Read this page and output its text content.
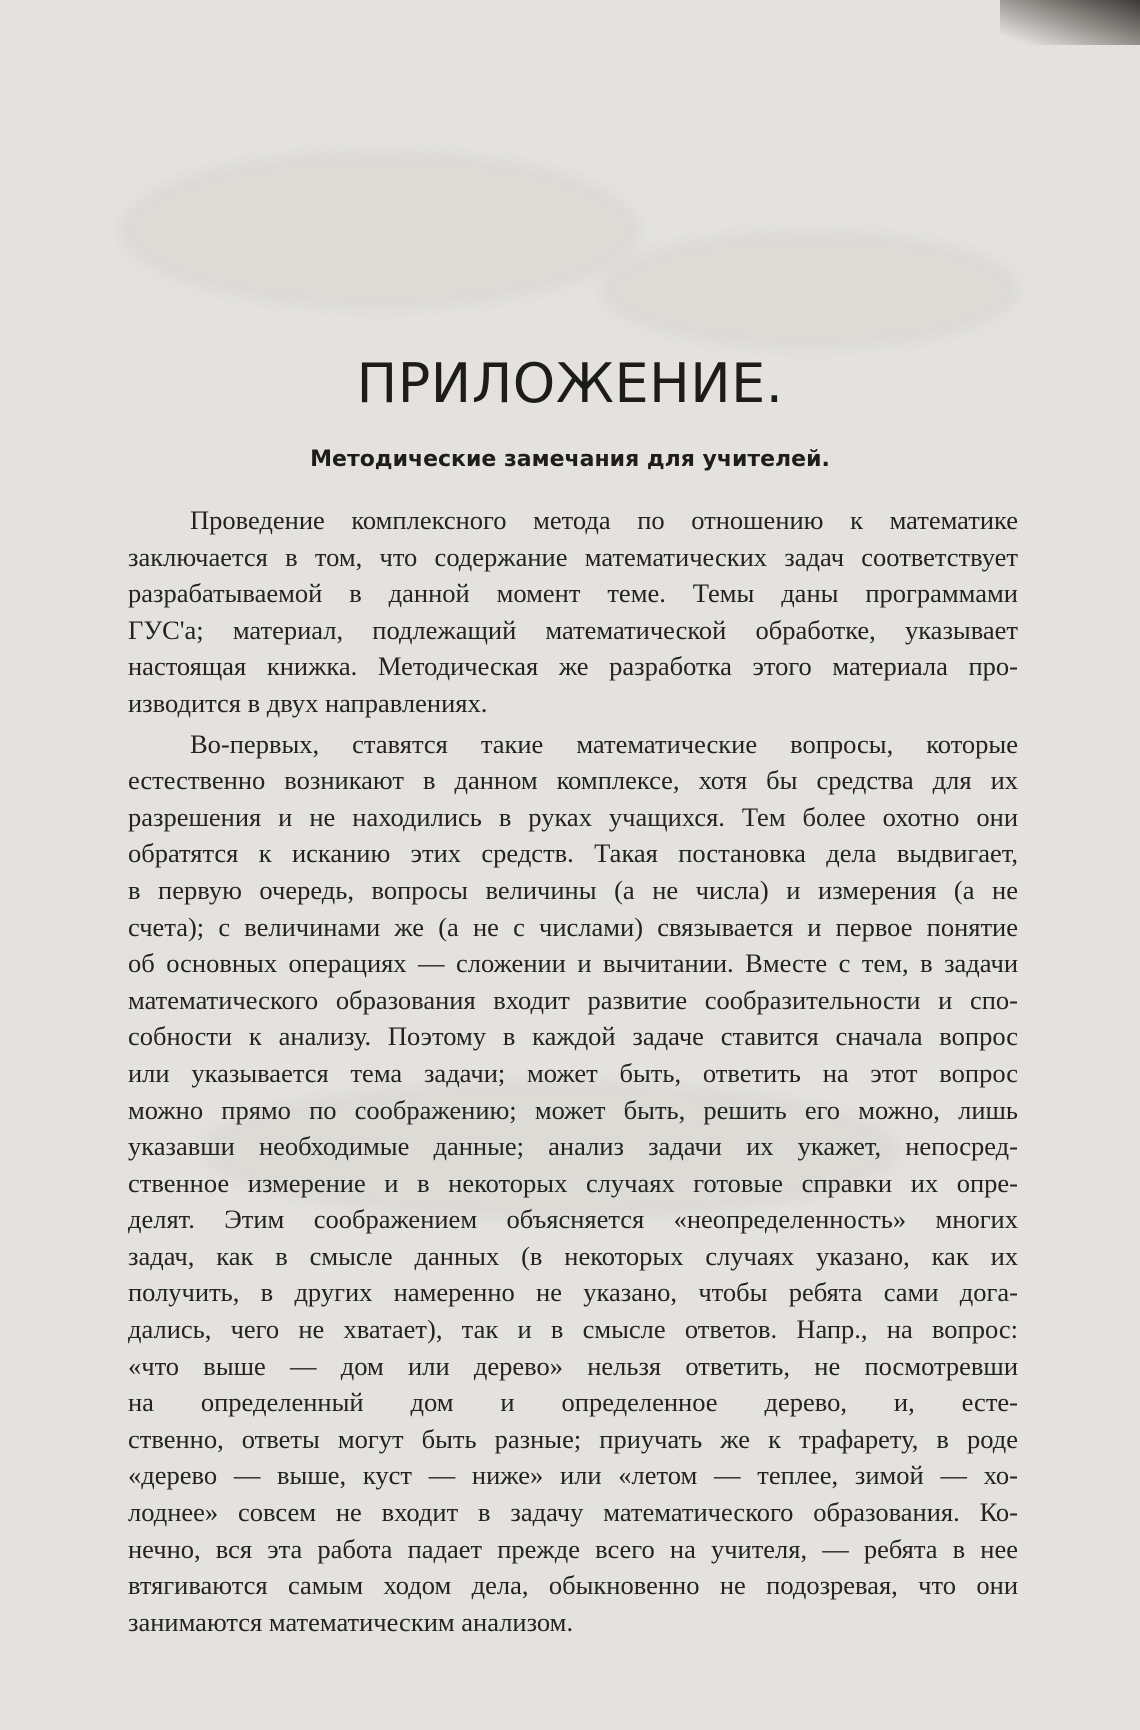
ПРИЛОЖЕНИЕ.
Методические замечания для учителей.
Проведение комплексного метода по отношению к математике
заключается в том, что содержание математических задач соответствует
разрабатываемой в данной момент теме. Темы даны программами
ГУС'а; материал, подлежащий математической обработке, указывает
настоящая книжка. Методическая же разработка этого материала про-
изводится в двух направлениях.
Во-первых, ставятся такие математические вопросы, которые
естественно возникают в данном комплексе, хотя бы средства для их
разрешения и не находились в руках учащихся. Тем более охотно они
обратятся к исканию этих средств. Такая постановка дела выдвигает,
в первую очередь, вопросы величины (а не числа) и измерения (а не
счета); с величинами же (а не с числами) связывается и первое понятие
об основных операциях — сложении и вычитании. Вместе с тем, в задачи
математического образования входит развитие сообразительности и спо-
собности к анализу. Поэтому в каждой задаче ставится сначала вопрос
или указывается тема задачи; может быть, ответить на этот вопрос
можно прямо по соображению; может быть, решить его можно, лишь
указавши необходимые данные; анализ задачи их укажет, непосред-
ственное измерение и в некоторых случаях готовые справки их опре-
делят. Этим соображением объясняется «неопределенность» многих
задач, как в смысле данных (в некоторых случаях указано, как их
получить, в других намеренно не указано, чтобы ребята сами дога-
дались, чего не хватает), так и в смысле ответов. Напр., на вопрос:
«что выше — дом или дерево» нельзя ответить, не посмотревши
на определенный дом и определенное дерево, и, есте-
ственно, ответы могут быть разные; приучать же к трафарету, в роде
«дерево — выше, куст — ниже» или «летом — теплее, зимой — хо-
лоднее» совсем не входит в задачу математического образования. Ко-
нечно, вся эта работа падает прежде всего на учителя, — ребята в нее
втягиваются самым ходом дела, обыкновенно не подозревая, что они
занимаются математическим анализом.
